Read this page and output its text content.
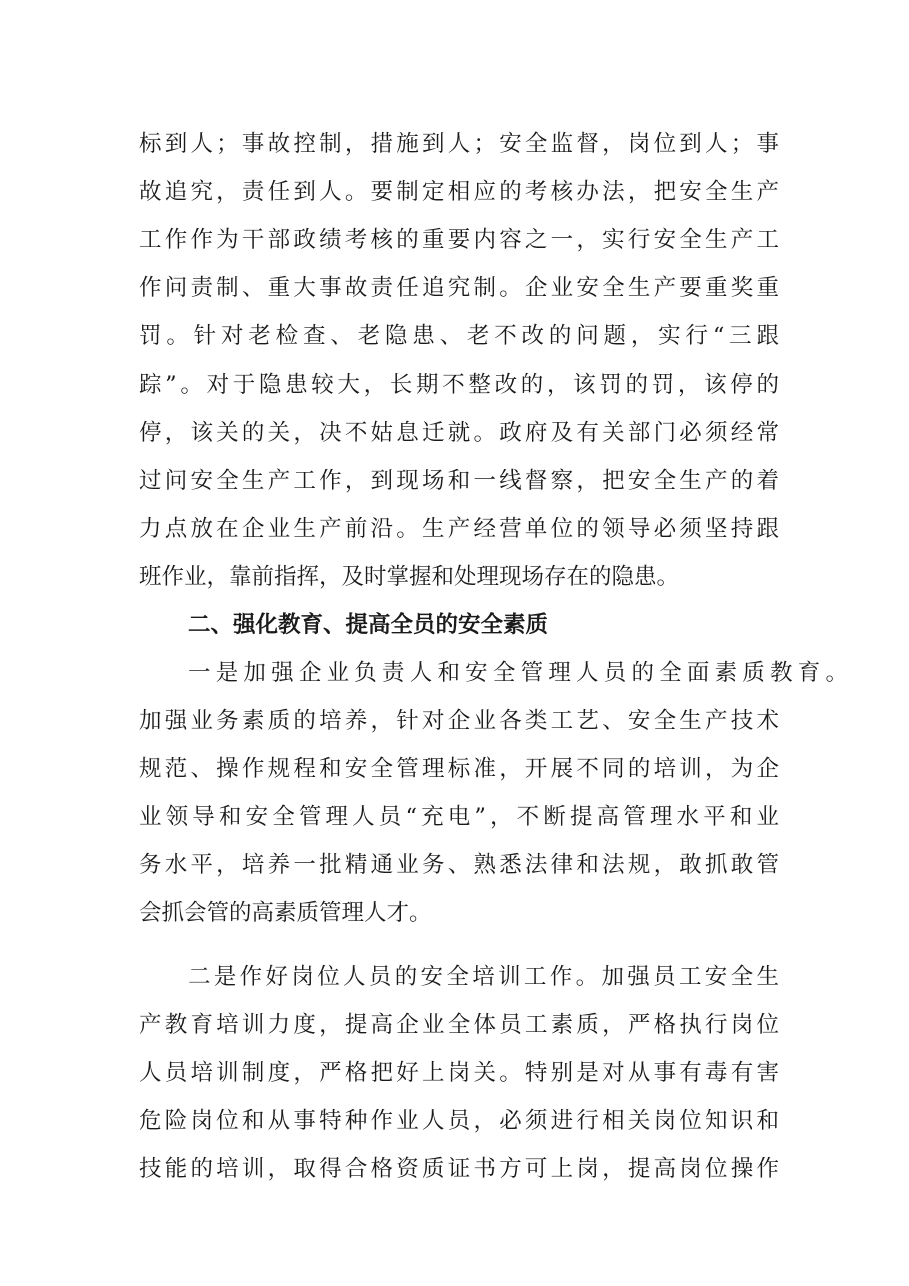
标到人；事故控制，措施到人；安全监督，岗位到人；事
故追究，责任到人。要制定相应的考核办法，把安全生产
工作作为干部政绩考核的重要内容之一，实行安全生产工
作问责制、重大事故责任追究制。企业安全生产要重奖重
罚。针对老检查、老隐患、老不改的问题，实行“三跟
踪”。对于隐患较大，长期不整改的，该罚的罚，该停的
停，该关的关，决不姑息迁就。政府及有关部门必须经常
过问安全生产工作，到现场和一线督察，把安全生产的着
力点放在企业生产前沿。生产经营单位的领导必须坚持跟
班作业，靠前指挥，及时掌握和处理现场存在的隐患。
二、强化教育、提高全员的安全素质
一是加强企业负责人和安全管理人员的全面素质教育。
加强业务素质的培养，针对企业各类工艺、安全生产技术
规范、操作规程和安全管理标准，开展不同的培训，为企
业领导和安全管理人员“充电”，不断提高管理水平和业
务水平，培养一批精通业务、熟悉法律和法规，敢抓敢管
会抓会管的高素质管理人才。
二是作好岗位人员的安全培训工作。加强员工安全生
产教育培训力度，提高企业全体员工素质，严格执行岗位
人员培训制度，严格把好上岗关。特别是对从事有毒有害
危险岗位和从事特种作业人员，必须进行相关岗位知识和
技能的培训，取得合格资质证书方可上岗，提高岗位操作
